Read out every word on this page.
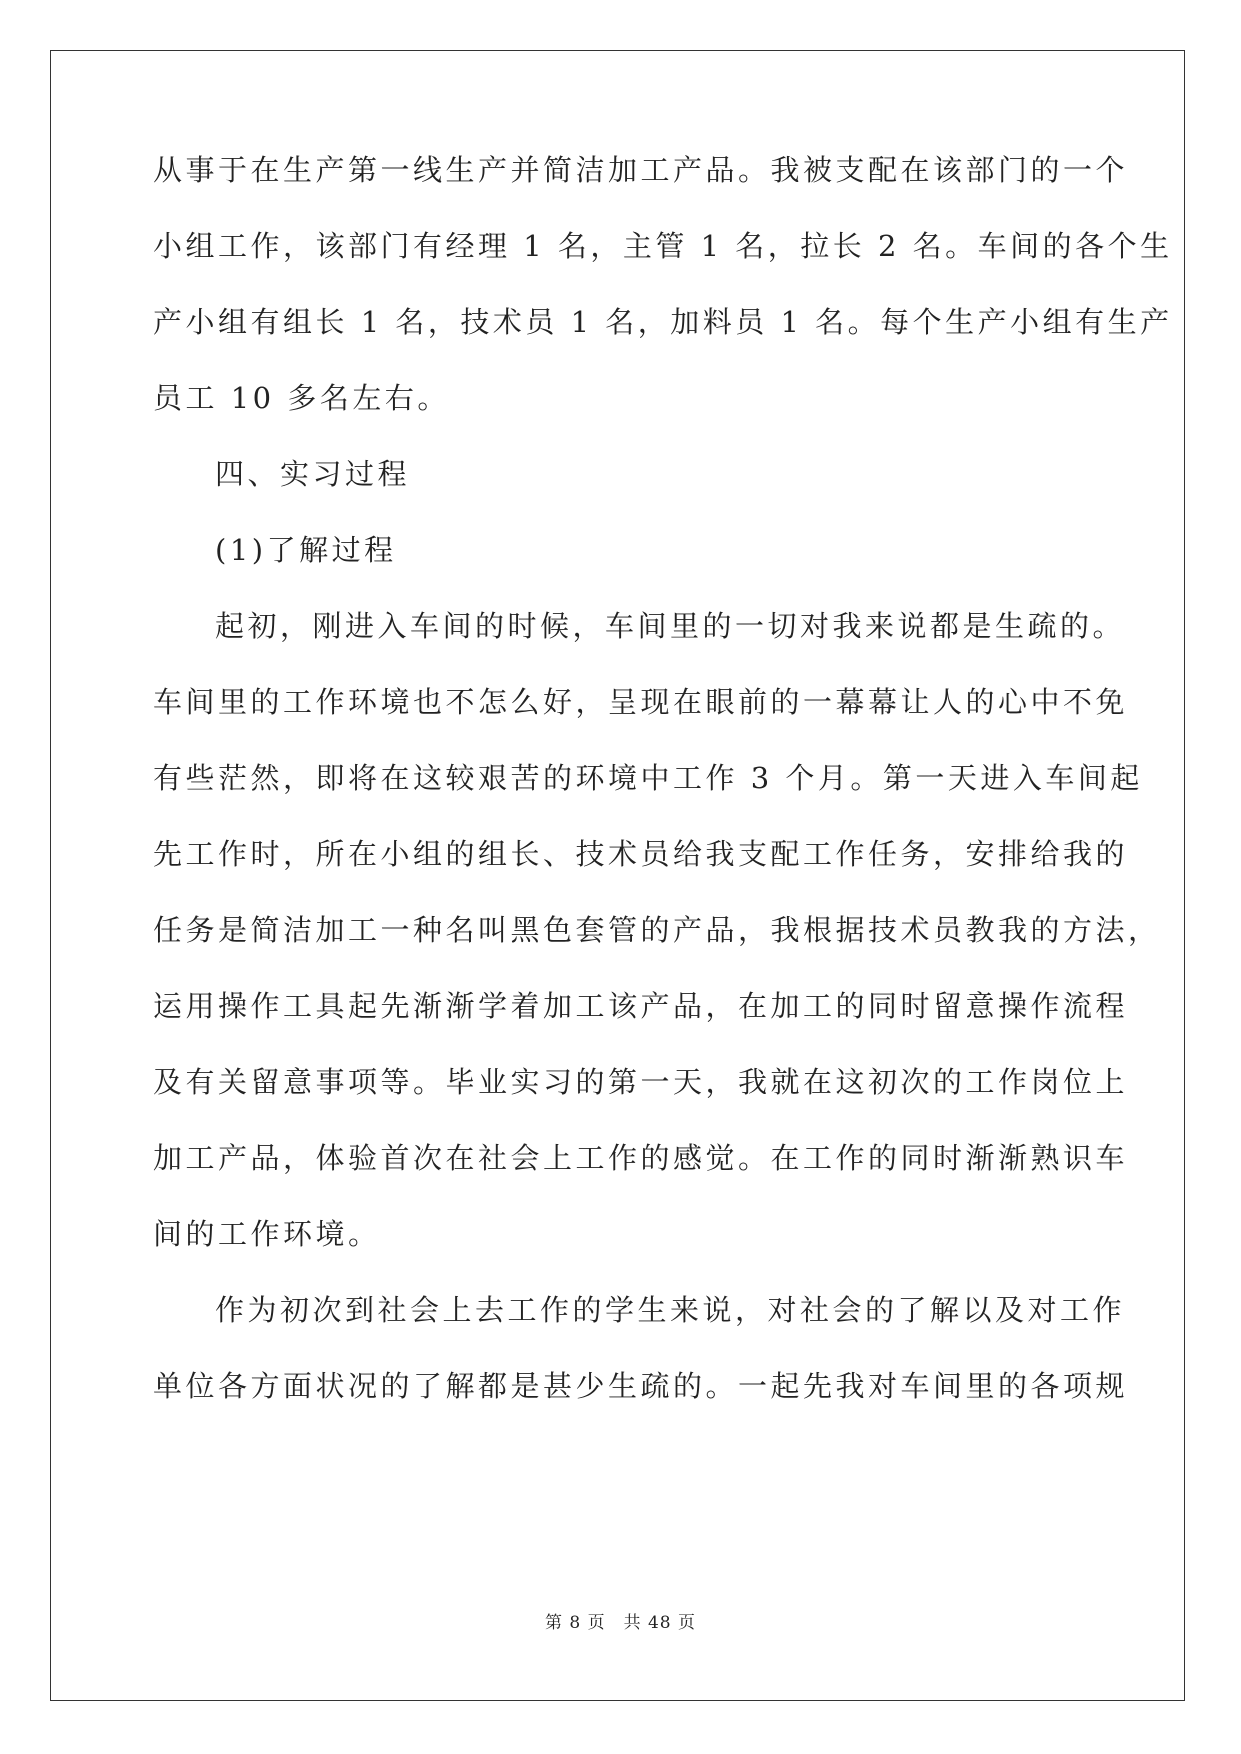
从事于在生产第一线生产并简洁加工产品。我被支配在该部门的一个
小组工作，该部门有经理 1 名，主管 1 名，拉长 2 名。车间的各个生
产小组有组长 1 名，技术员 1 名，加料员 1 名。每个生产小组有生产
员工 10 多名左右。
四、实习过程
(1)了解过程
起初，刚进入车间的时候，车间里的一切对我来说都是生疏的。
车间里的工作环境也不怎么好，呈现在眼前的一幕幕让人的心中不免
有些茫然，即将在这较艰苦的环境中工作 3 个月。第一天进入车间起
先工作时，所在小组的组长、技术员给我支配工作任务，安排给我的
任务是简洁加工一种名叫黑色套管的产品，我根据技术员教我的方法，
运用操作工具起先渐渐学着加工该产品，在加工的同时留意操作流程
及有关留意事项等。毕业实习的第一天，我就在这初次的工作岗位上
加工产品，体验首次在社会上工作的感觉。在工作的同时渐渐熟识车
间的工作环境。
作为初次到社会上去工作的学生来说，对社会的了解以及对工作
单位各方面状况的了解都是甚少生疏的。一起先我对车间里的各项规
第 8 页 共 48 页
